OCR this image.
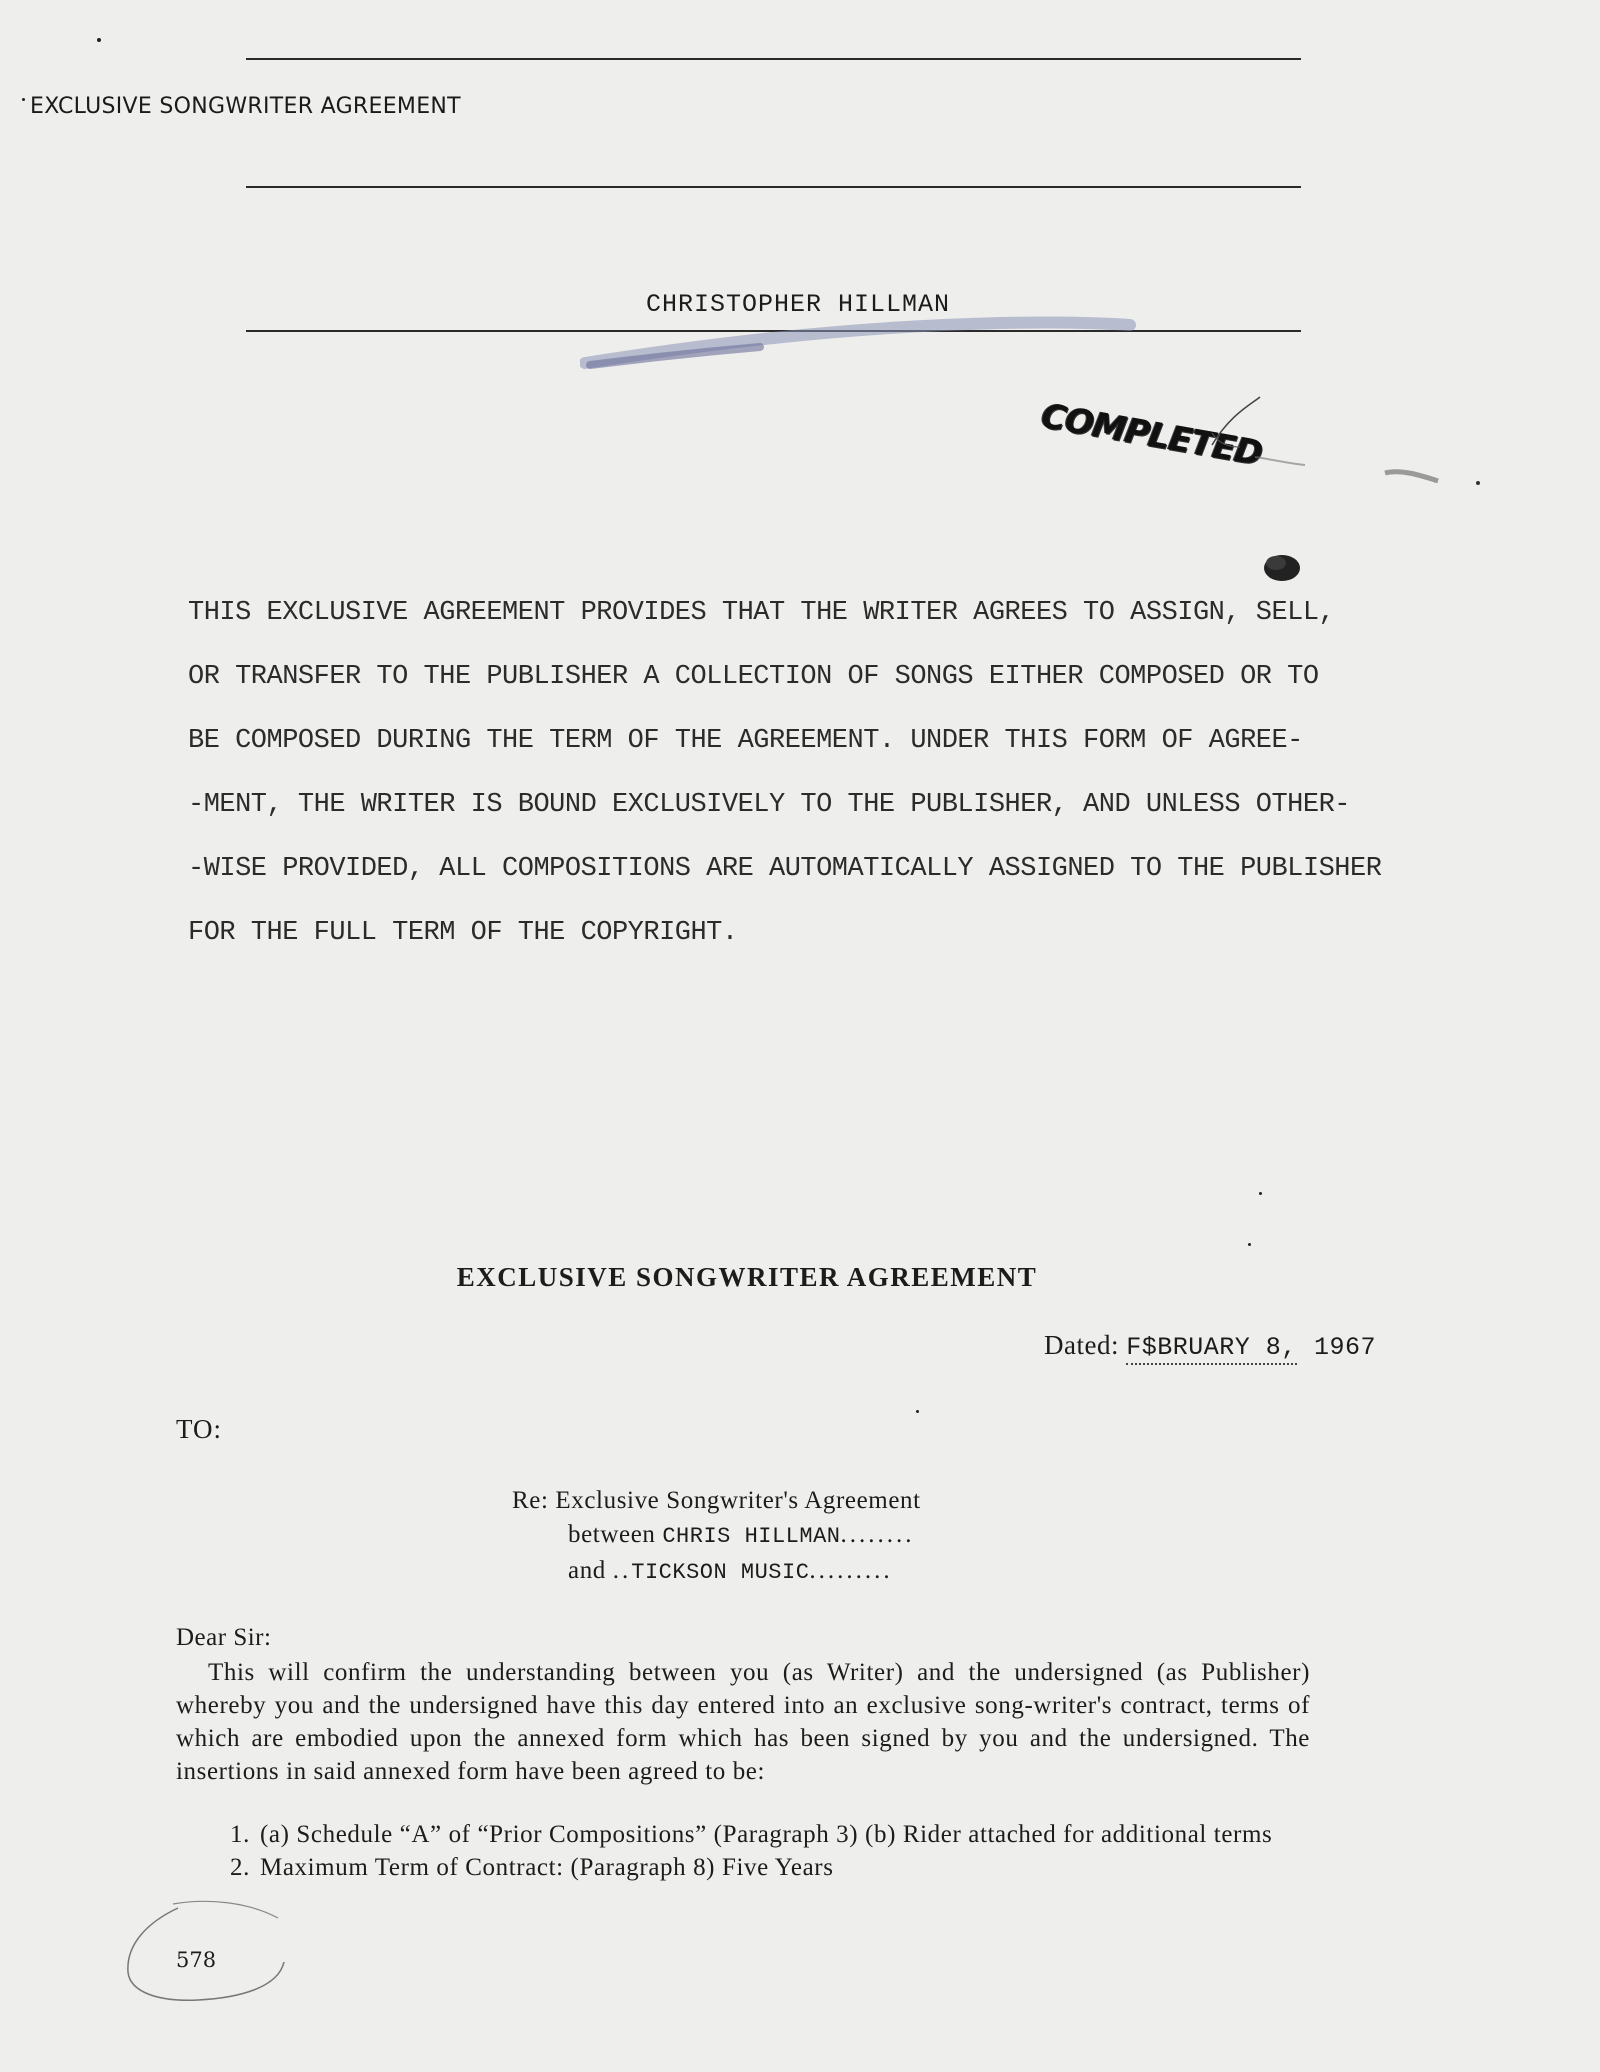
EXCLUSIVE SONGWRITER AGREEMENT
CHRISTOPHER HILLMAN
COMPLETED
THIS EXCLUSIVE AGREEMENT PROVIDES THAT THE WRITER AGREES TO ASSIGN, SELL,
OR TRANSFER TO THE PUBLISHER A COLLECTION OF SONGS EITHER COMPOSED OR TO
BE COMPOSED DURING THE TERM OF THE AGREEMENT. UNDER THIS FORM OF AGREE-
-MENT, THE WRITER IS BOUND EXCLUSIVELY TO THE PUBLISHER, AND UNLESS OTHER-
-WISE PROVIDED, ALL COMPOSITIONS ARE AUTOMATICALLY ASSIGNED TO THE PUBLISHER
FOR THE FULL TERM OF THE COPYRIGHT.
EXCLUSIVE SONGWRITER AGREEMENT
Dated: F$BRUARY 8, 1967
TO:
Re: Exclusive Songwriter's Agreement
between CHRIS HILLMAN........
and ..TICKSON MUSIC.........
Dear Sir:
This will confirm the understanding between you (as Writer) and the undersigned (as Publisher) whereby you and the undersigned have this day entered into an exclusive song-writer's contract, terms of which are embodied upon the annexed form which has been signed by you and the undersigned. The insertions in said annexed form have been agreed to be:
1. (a) Schedule “A” of “Prior Compositions” (Paragraph 3) (b) Rider attached for additional terms
2. Maximum Term of Contract: (Paragraph 8) Five Years
578
